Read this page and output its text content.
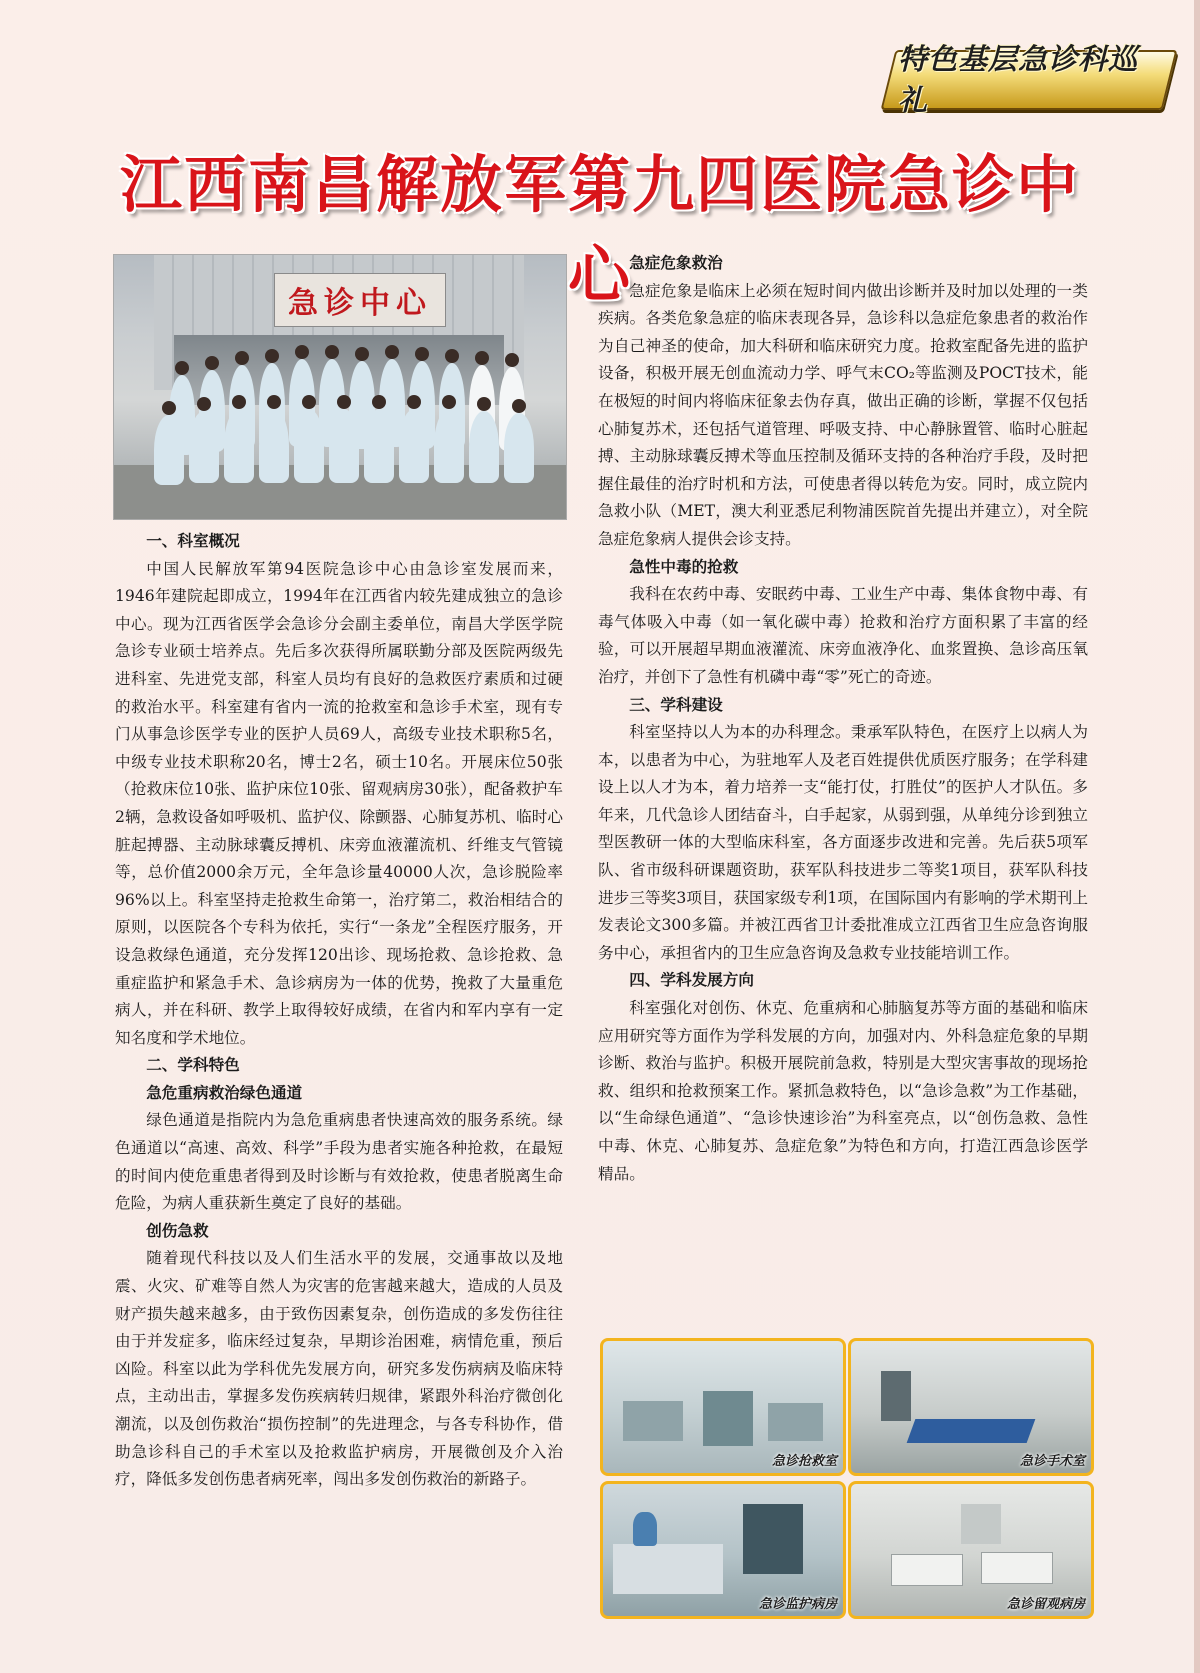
特色基层急诊科巡礼
江西南昌解放军第九四医院急诊中心
急诊中心
一、科室概况

中国人民解放军第94医院急诊中心由急诊室发展而来，1946年建院起即成立，1994年在江西省内较先建成独立的急诊中心。现为江西省医学会急诊分会副主委单位，南昌大学医学院急诊专业硕士培养点。先后多次获得所属联勤分部及医院两级先进科室、先进党支部，科室人员均有良好的急救医疗素质和过硬的救治水平。科室建有省内一流的抢救室和急诊手术室，现有专门从事急诊医学专业的医护人员69人，高级专业技术职称5名，中级专业技术职称20名，博士2名，硕士10名。开展床位50张（抢救床位10张、监护床位10张、留观病房30张），配备救护车2辆，急救设备如呼吸机、监护仪、除颤器、心肺复苏机、临时心脏起搏器、主动脉球囊反搏机、床旁血液灌流机、纤维支气管镜等，总价值2000余万元，全年急诊量40000人次，急诊脱险率96%以上。科室坚持走抢救生命第一，治疗第二，救治相结合的原则，以医院各个专科为依托，实行“一条龙”全程医疗服务，开设急救绿色通道，充分发挥120出诊、现场抢救、急诊抢救、急重症监护和紧急手术、急诊病房为一体的优势，挽救了大量重危病人，并在科研、教学上取得较好成绩，在省内和军内享有一定知名度和学术地位。

二、学科特色
急危重病救治绿色通道

绿色通道是指院内为急危重病患者快速高效的服务系统。绿色通道以“高速、高效、科学”手段为患者实施各种抢救，在最短的时间内使危重患者得到及时诊断与有效抢救，使患者脱离生命危险，为病人重获新生奠定了良好的基础。

创伤急救

随着现代科技以及人们生活水平的发展，交通事故以及地震、火灾、矿难等自然人为灾害的危害越来越大，造成的人员及财产损失越来越多，由于致伤因素复杂，创伤造成的多发伤往往由于并发症多，临床经过复杂，早期诊治困难，病情危重，预后凶险。科室以此为学科优先发展方向，研究多发伤病病及临床特点，主动出击，掌握多发伤疾病转归规律，紧跟外科治疗微创化潮流，以及创伤救治“损伤控制”的先进理念，与各专科协作，借助急诊科自己的手术室以及抢救监护病房，开展微创及介入治疗，降低多发创伤患者病死率，闯出多发创伤救治的新路子。

急症危象救治

急症危象是临床上必须在短时间内做出诊断并及时加以处理的一类疾病。各类危象急症的临床表现各异，急诊科以急症危象患者的救治作为自己神圣的使命，加大科研和临床研究力度。抢救室配备先进的监护设备，积极开展无创血流动力学、呼气末CO₂等监测及POCT技术，能在极短的时间内将临床征象去伪存真，做出正确的诊断，掌握不仅包括心肺复苏术，还包括气道管理、呼吸支持、中心静脉置管、临时心脏起搏、主动脉球囊反搏术等血压控制及循环支持的各种治疗手段，及时把握住最佳的治疗时机和方法，可使患者得以转危为安。同时，成立院内急救小队（MET，澳大利亚悉尼利物浦医院首先提出并建立），对全院急症危象病人提供会诊支持。

急性中毒的抢救

我科在农药中毒、安眠药中毒、工业生产中毒、集体食物中毒、有毒气体吸入中毒（如一氧化碳中毒）抢救和治疗方面积累了丰富的经验，可以开展超早期血液灌流、床旁血液净化、血浆置换、急诊高压氧治疗，并创下了急性有机磷中毒“零”死亡的奇迹。

三、学科建设

科室坚持以人为本的办科理念。秉承军队特色，在医疗上以病人为本，以患者为中心，为驻地军人及老百姓提供优质医疗服务；在学科建设上以人才为本，着力培养一支“能打仗，打胜仗”的医护人才队伍。多年来，几代急诊人团结奋斗，白手起家，从弱到强，从单纯分诊到独立型医教研一体的大型临床科室，各方面逐步改进和完善。先后获5项军队、省市级科研课题资助，获军队科技进步二等奖1项目，获军队科技进步三等奖3项目，获国家级专利1项，在国际国内有影响的学术期刊上发表论文300多篇。并被江西省卫计委批准成立江西省卫生应急咨询服务中心，承担省内的卫生应急咨询及急救专业技能培训工作。

四、学科发展方向

科室强化对创伤、休克、危重病和心肺脑复苏等方面的基础和临床应用研究等方面作为学科发展的方向，加强对内、外科急症危象的早期诊断、救治与监护。积极开展院前急救，特别是大型灾害事故的现场抢救、组织和抢救预案工作。紧抓急救特色，以“急诊急救”为工作基础，以“生命绿色通道”、“急诊快速诊治”为科室亮点，以“创伤急救、急性中毒、休克、心肺复苏、急症危象”为特色和方向，打造江西急诊医学精品。

急诊抢救室	急诊手术室
急诊监护病房	急诊留观病房
